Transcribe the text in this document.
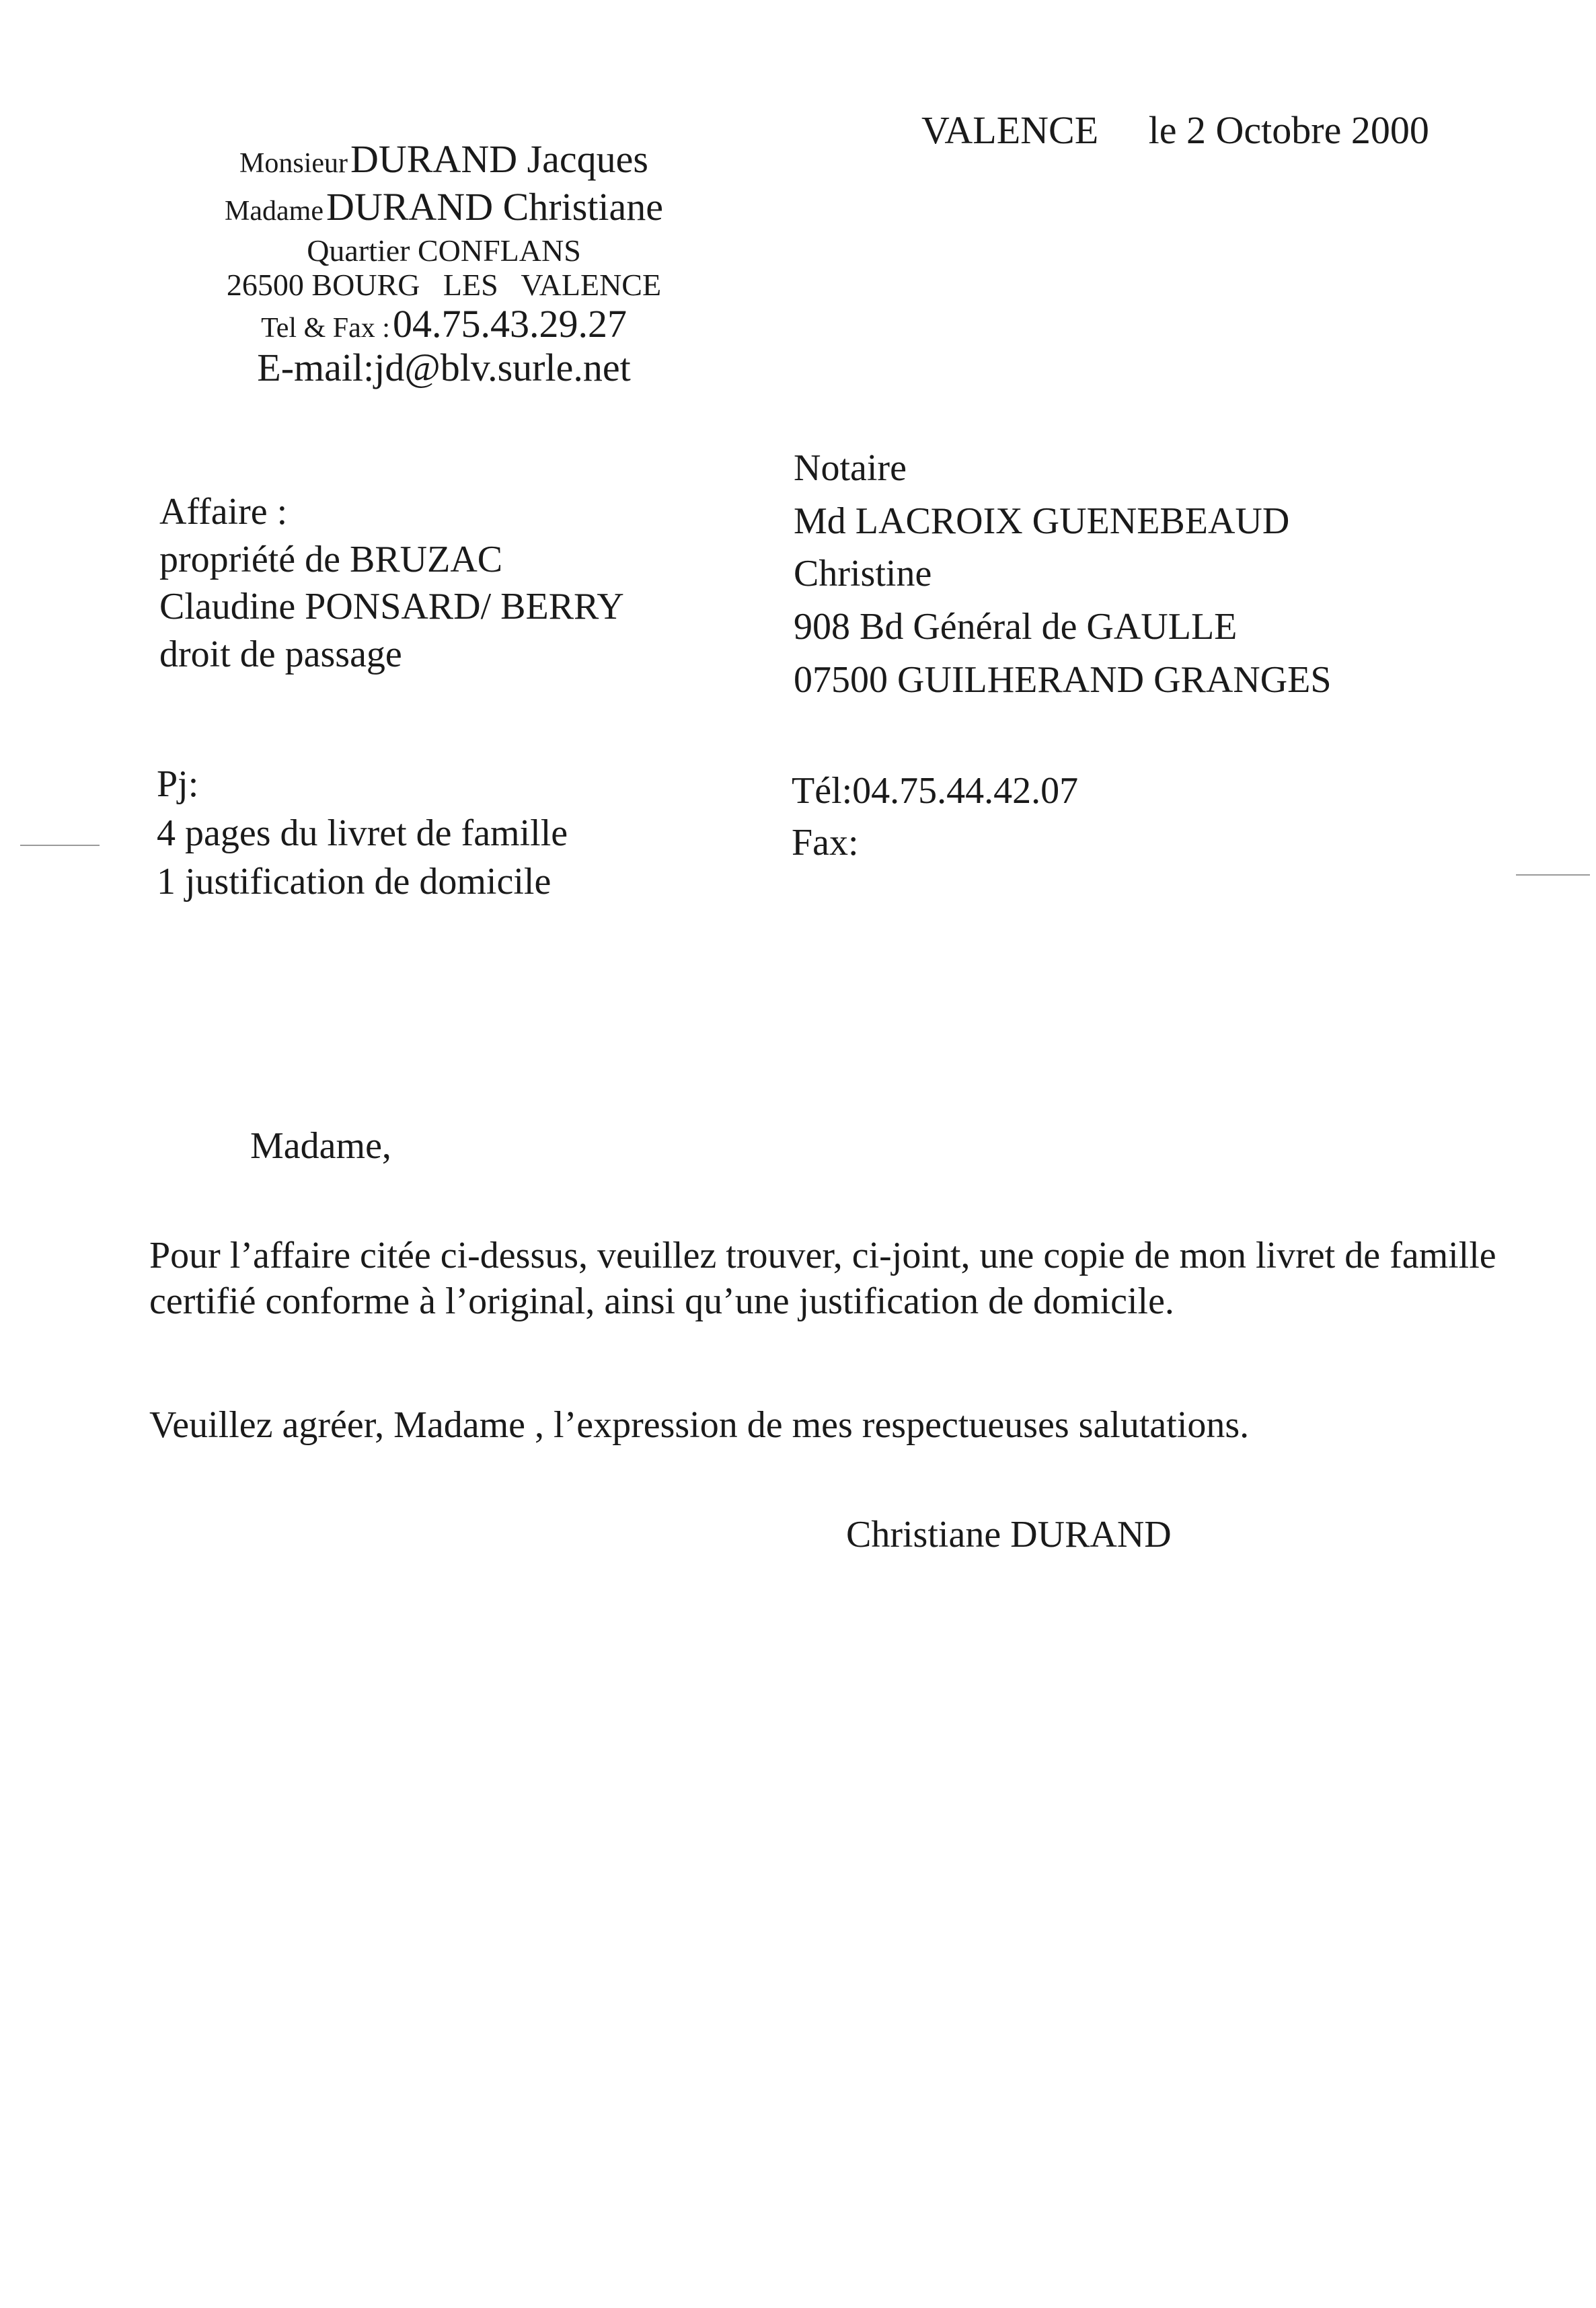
Monsieur DURAND Jacques
Madame DURAND Christiane
Quartier CONFLANS
26500 BOURG   LES   VALENCE
Tel & Fax : 04.75.43.29.27
E-mail:jd@blv.surle.net
VALENCE le 2 Octobre 2000
Notaire
Md LACROIX GUENEBEAUD
Christine
908 Bd Général de GAULLE
07500 GUILHERAND GRANGES
Affaire :
propriété de BRUZAC
Claudine PONSARD/ BERRY
droit de passage
Pj:
4 pages du livret de famille
1 justification de domicile
Tél:04.75.44.42.07
Fax:
Madame,
Pour l’affaire citée ci-dessus, veuillez trouver, ci-joint, une copie de mon livret de famille certifié conforme à l’original, ainsi qu’une justification de domicile.
Veuillez agréer, Madame , l’expression de mes respectueuses salutations.
Christiane DURAND
